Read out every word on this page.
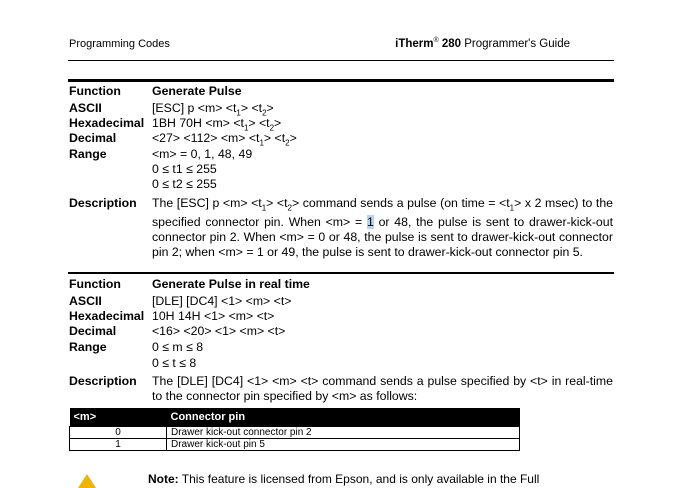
Programming Codes	iTherm® 280 Programmer's Guide
Function	Generate Pulse
ASCII	[ESC] $p <m> <t_1> <t_2>$
Hexadecimal 1BH $70H <m> <t_1> <t_2>$
Decimal	$<27> <112> <m> <t_1> <t_2>$
Range	<m> = 0, 1, 48, 49
0 ≤ t1 ≤ 255
0 ≤ t2 ≤ 255
Description The [ESC] $p <m> <t_1> <t_2>$ command sends a pulse (on time = $<t_1> x$ 2 msec) to the specified connector pin. When <m> = 1 or 48, the pulse is sent to drawer-kick-out connector pin 2. When <m> = 0 or 48, the pulse is sent to drawer-kick-out connector pin 2; when <m> = 1 or 49, the pulse is sent to drawer-kick-out connector pin 5.
Function	Generate Pulse in real time
ASCII	[DLE] [DC4] <1> <m> <t>
Hexadecimal 10H 14H <1> <m> <t>
Decimal	<16> <20> <1> <m> <t>
Range	0 ≤ m ≤ 8
0 ≤ t ≤ 8
Description The [DLE] [DC4] <1> <m> <t> command sends a pulse specified by <t> in real-time to the connector pin specified by <m> as follows:
<m>	Connector pin
0	Drawer kick-out connector pin 2
1	Drawer kick-out pin 5
Note: This feature is licensed from Epson, and is only available in the Full
